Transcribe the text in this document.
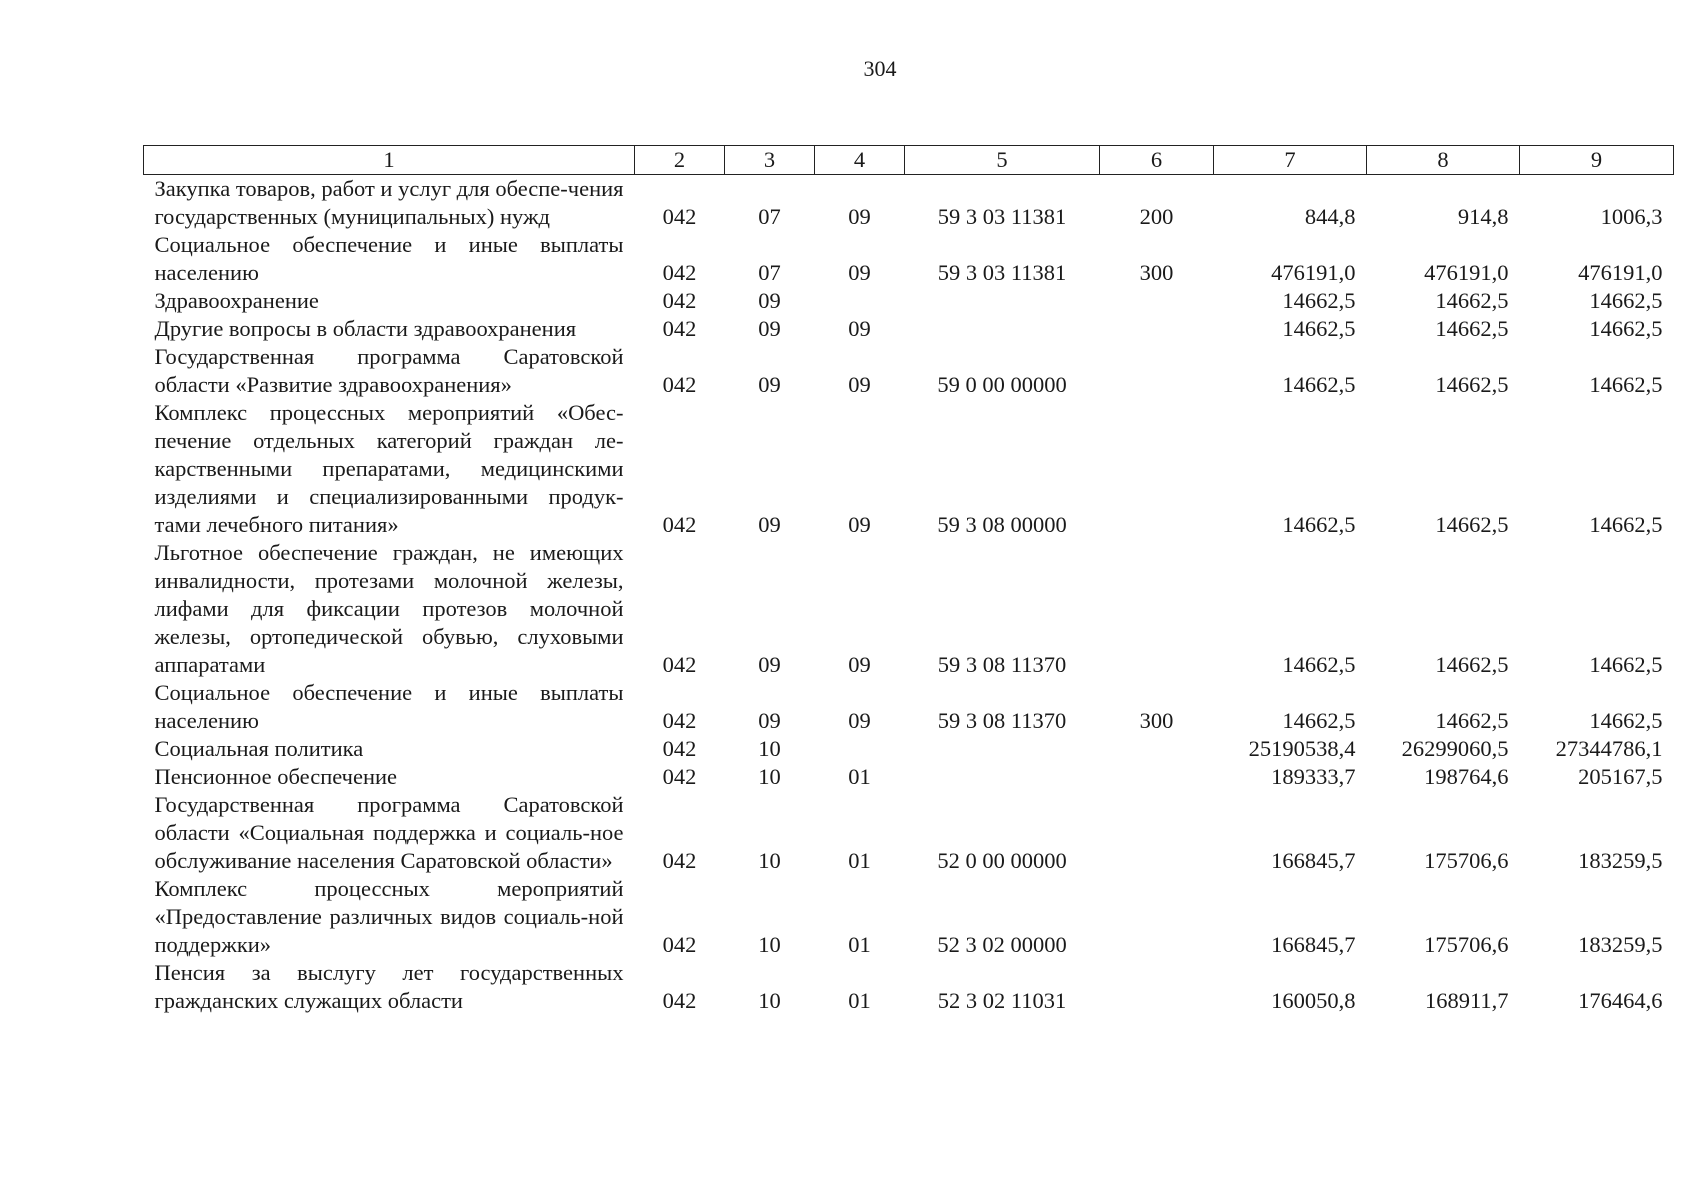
304
1	2	3	4	5	6	7	8	9
Закупка товаров, работ и услуг для обеспе-чения государственных (муниципальных) нужд	042	07	09	59 3 03 11381	200	844,8	914,8	1006,3
Социальное обеспечение и иные выплаты населению	042	07	09	59 3 03 11381	300	476191,0	476191,0	476191,0
Здравоохранение	042	09				14662,5	14662,5	14662,5
Другие вопросы в области здравоохранения	042	09	09			14662,5	14662,5	14662,5
Государственная программа Саратовской области «Развитие здравоохранения»	042	09	09	59 0 00 00000		14662,5	14662,5	14662,5
Комплекс процессных мероприятий «Обес-печение отдельных категорий граждан ле-карственными препаратами, медицинскими изделиями и специализированными продук-тами лечебного питания»	042	09	09	59 3 08 00000		14662,5	14662,5	14662,5
Льготное обеспечение граждан, не имеющих инвалидности, протезами молочной железы, лифами для фиксации протезов молочной железы, ортопедической обувью, слуховыми аппаратами	042	09	09	59 3 08 11370		14662,5	14662,5	14662,5
Социальное обеспечение и иные выплаты населению	042	09	09	59 3 08 11370	300	14662,5	14662,5	14662,5
Социальная политика	042	10				25190538,4	26299060,5	27344786,1
Пенсионное обеспечение	042	10	01			189333,7	198764,6	205167,5
Государственная программа Саратовской области «Социальная поддержка и социаль-ное обслуживание населения Саратовской области»	042	10	01	52 0 00 00000		166845,7	175706,6	183259,5
Комплекс процессных мероприятий «Предоставление различных видов социаль-ной поддержки»	042	10	01	52 3 02 00000		166845,7	175706,6	183259,5
Пенсия за выслугу лет государственных гражданских служащих области	042	10	01	52 3 02 11031		160050,8	168911,7	176464,6
